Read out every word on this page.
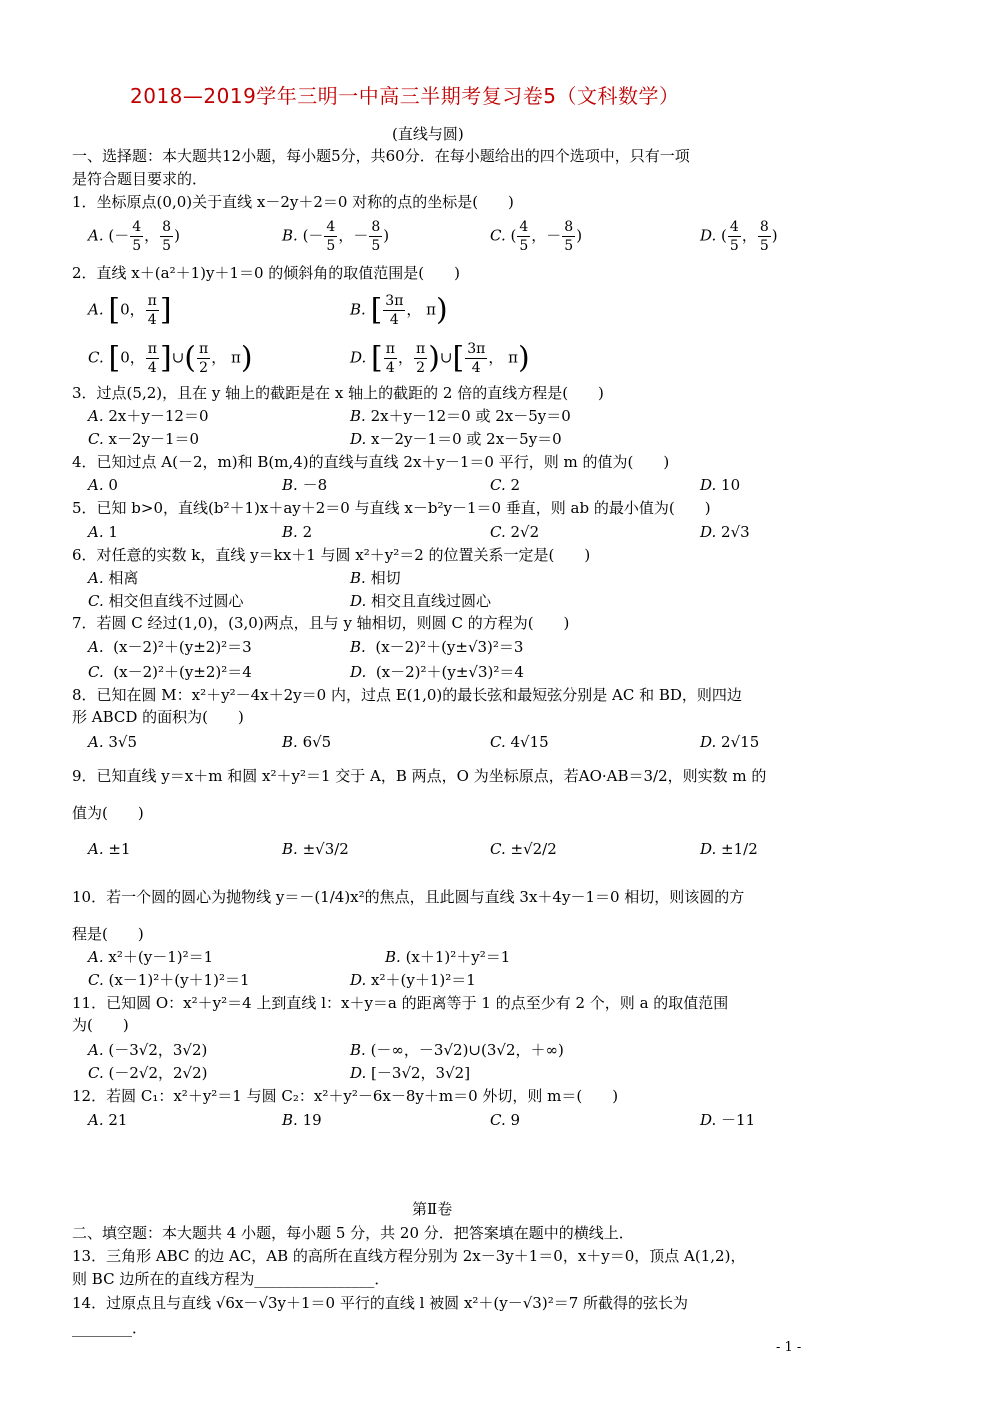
2018—2019学年三明一中高三半期考复习卷5（文科数学）
(直线与圆)
一、选择题：本大题共12小题，每小题5分，共60分．在每小题给出的四个选项中，只有一项
是符合题目要求的．
1．坐标原点(0,0)关于直线 x－2y＋2＝0 对称的点的坐标是(　　)
A. (－ $\frac{4}{5}$ ， $\frac{8}{5}$ )	B. (－ $\frac{4}{5}$ ，－ $\frac{8}{5}$ )	C. ( $\frac{4}{5}$ ，－ $\frac{8}{5}$ )	D. ( $\frac{4}{5}$ ， $\frac{8}{5}$ )
2．直线 x＋(a²＋1)y＋1＝0 的倾斜角的取值范围是(　　)
A. [0， $\frac{\pi}{4}$ ]	B. [ $\frac{3\pi}{4}$ ， π)
C. [0， $\frac{\pi}{4}$ ]∪( $\frac{\pi}{2}$ ， π)	D. [ $\frac{\pi}{4}$ ， $\frac{\pi}{2}$ )∪[ $\frac{3\pi}{4}$ ， π)
3．过点(5,2)，且在 y 轴上的截距是在 x 轴上的截距的 2 倍的直线方程是(　　)
A. 2x＋y－12＝0	B. 2x＋y－12＝0 或 2x－5y＝0
C. x－2y－1＝0	D. x－2y－1＝0 或 2x－5y＝0
4．已知过点 A(－2，m)和 B(m,4)的直线与直线 2x＋y－1＝0 平行，则 m 的值为(　　)
A. 0	B. －8	C. 2	D. 10
5．已知 b>0，直线(b²＋1)x＋ay＋2＝0 与直线 x－b²y－1＝0 垂直，则 ab 的最小值为(　　)
A. 1	B. 2	C. 2√2	D. 2√3
6．对任意的实数 k，直线 y＝kx＋1 与圆 x²＋y²＝2 的位置关系一定是(　　)
A. 相离	B. 相切
C. 相交但直线不过圆心	D. 相交且直线过圆心
7．若圆 C 经过(1,0)，(3,0)两点，且与 y 轴相切，则圆 C 的方程为(　　)
A. (x－2)²＋(y±2)²＝3	B. (x－2)²＋(y±√3)²＝3
C. (x－2)²＋(y±2)²＝4	D. (x－2)²＋(y±√3)²＝4
8．已知在圆 M：x²＋y²－4x＋2y＝0 内，过点 E(1,0)的最长弦和最短弦分别是 AC 和 BD，则四边
形 ABCD 的面积为(　　)
A. 3√5	B. 6√5	C. 4√15	D. 2√15
9．已知直线 y＝x＋m 和圆 x²＋y²＝1 交于 A，B 两点，O 为坐标原点，若AO·AB＝3/2，则实数 m 的
值为(　　)
A. ±1	B. ±√3/2	C. ±√2/2	D. ±1/2
10．若一个圆的圆心为抛物线 y＝－(1/4)x²的焦点，且此圆与直线 3x＋4y－1＝0 相切，则该圆的方
程是(　　)
A. x²＋(y－1)²＝1	B. (x＋1)²＋y²＝1
C. (x－1)²＋(y＋1)²＝1	D. x²＋(y＋1)²＝1
11．已知圆 O：x²＋y²＝4 上到直线 l：x＋y＝a 的距离等于 1 的点至少有 2 个，则 a 的取值范围
为(　　)
A. (－3√2，3√2)	B. (－∞，－3√2)∪(3√2，＋∞)
C. (－2√2，2√2)	D. [－3√2，3√2]
12．若圆 C₁：x²＋y²＝1 与圆 C₂：x²＋y²－6x－8y＋m＝0 外切，则 m＝(　　)
A. 21	B. 19	C. 9	D. －11
第Ⅱ卷
二、填空题：本大题共 4 小题，每小题 5 分，共 20 分．把答案填在题中的横线上．
13．三角形 ABC 的边 AC，AB 的高所在直线方程分别为 2x－3y＋1＝0，x＋y＝0，顶点 A(1,2)，
则 BC 边所在的直线方程为________________．
14．过原点且与直线 √6x－√3y＋1＝0 平行的直线 l 被圆 x²＋(y－√3)²＝7 所截得的弦长为
________．
- 1 -
